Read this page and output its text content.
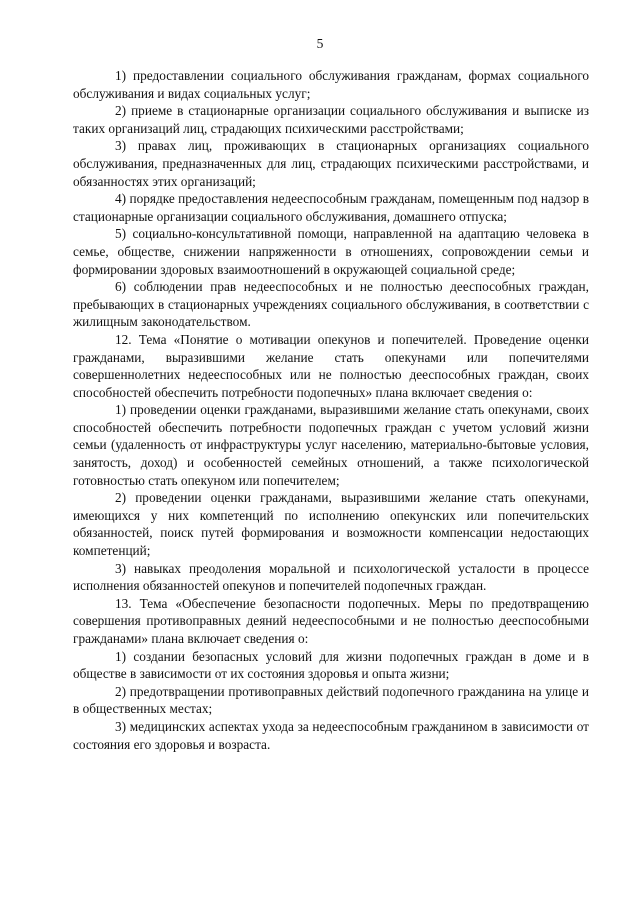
5

1) предоставлении социального обслуживания гражданам, формах социального обслуживания и видах социальных услуг;

2) приеме в стационарные организации социального обслуживания и выписке из таких организаций лиц, страдающих психическими расстройствами;

3) правах лиц, проживающих в стационарных организациях социального обслуживания, предназначенных для лиц, страдающих психическими расстройствами, и обязанностях этих организаций;

4) порядке предоставления недееспособным гражданам, помещенным под надзор в стационарные организации социального обслуживания, домашнего отпуска;

5) социально-консультативной помощи, направленной на адаптацию человека в семье, обществе, снижении напряженности в отношениях, сопровождении семьи и формировании здоровых взаимоотношений в окружающей социальной среде;

6) соблюдении прав недееспособных и не полностью дееспособных граждан, пребывающих в стационарных учреждениях социального обслуживания, в соответствии с жилищным законодательством.

12. Тема «Понятие о мотивации опекунов и попечителей. Проведение оценки гражданами, выразившими желание стать опекунами или попечителями совершеннолетних недееспособных или не полностью дееспособных граждан, своих способностей обеспечить потребности подопечных» плана включает сведения о:

1) проведении оценки гражданами, выразившими желание стать опекунами, своих способностей обеспечить потребности подопечных граждан с учетом условий жизни семьи (удаленность от инфраструктуры услуг населению, материально-бытовые условия, занятость, доход) и особенностей семейных отношений, а также психологической готовностью стать опекуном или попечителем;

2) проведении оценки гражданами, выразившими желание стать опекунами, имеющихся у них компетенций по исполнению опекунских или попечительских обязанностей, поиск путей формирования и возможности компенсации недостающих компетенций;

3) навыках преодоления моральной и психологической усталости в процессе исполнения обязанностей опекунов и попечителей подопечных граждан.

13. Тема «Обеспечение безопасности подопечных. Меры по предотвращению совершения противоправных деяний недееспособными и не полностью дееспособными гражданами» плана включает сведения о:

1) создании безопасных условий для жизни подопечных граждан в доме и в обществе в зависимости от их состояния здоровья и опыта жизни;

2) предотвращении противоправных действий подопечного гражданина на улице и в общественных местах;

3) медицинских аспектах ухода за недееспособным гражданином в зависимости от состояния его здоровья и возраста.
